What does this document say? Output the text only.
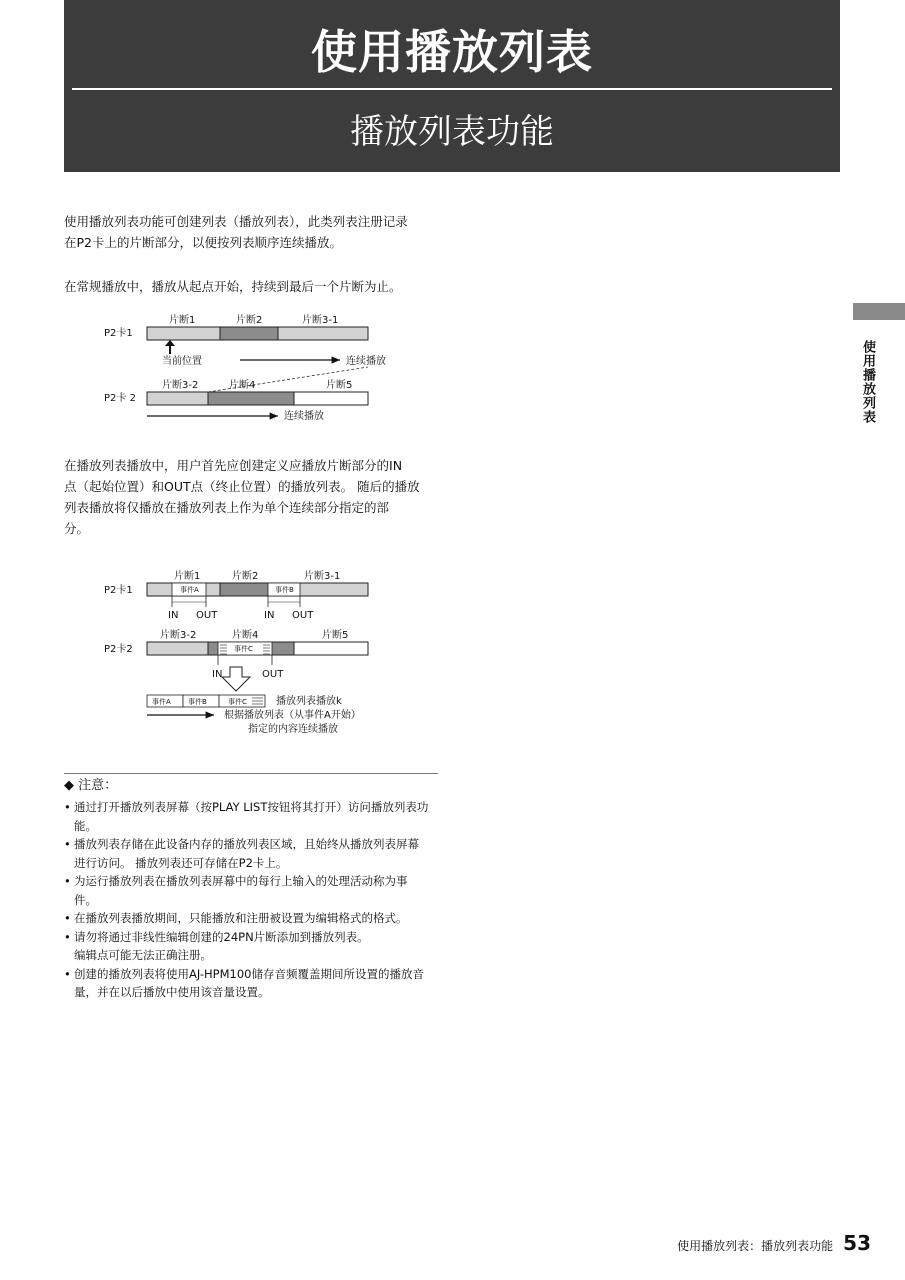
使用播放列表
播放列表功能

使用播放列表功能可创建列表（播放列表），此类列表注册记录
在P2卡上的片断部分，以便按列表顺序连续播放。

在常规播放中，播放从起点开始，持续到最后一个片断为止。

P2卡1
片断1	片断2	片断3-1
当前位置	连续播放
片断3-2	片断4	片断5
P2卡 2
连续播放

在播放列表播放中，用户首先应创建定义应播放片断部分的IN
点（起始位置）和OUT点（终止位置）的播放列表。 随后的播放
列表播放将仅播放在播放列表上作为单个连续部分指定的部
分。

片断1	片断2	片断3-1
P2卡1	事件A	事件B
IN OUT	IN OUT
片断3-2	片断4	片断5
P2卡2	事件C
IN	OUT
事件A 事件B	事件C	播放列表播放k
根据播放列表（从事件A开始）
指定的内容连续播放
◆ 注意：
• 通过打开播放列表屏幕（按PLAY LIST按钮将其打开）访问播放列表功
能。
• 播放列表存储在此设备内存的播放列表区域，且始终从播放列表屏幕
进行访问。 播放列表还可存储在P2卡上。
• 为运行播放列表在播放列表屏幕中的每行上输入的处理活动称为事
件。
• 在播放列表播放期间，只能播放和注册被设置为编辑格式的格式。
• 请勿将通过非线性编辑创建的24PN片断添加到播放列表。
编辑点可能无法正确注册。
• 创建的播放列表将使用AJ-HPM100储存音频覆盖期间所设置的播放音
量，并在以后播放中使用该音量设置。
使用播放列表
使用播放列表：播放列表功能 53
